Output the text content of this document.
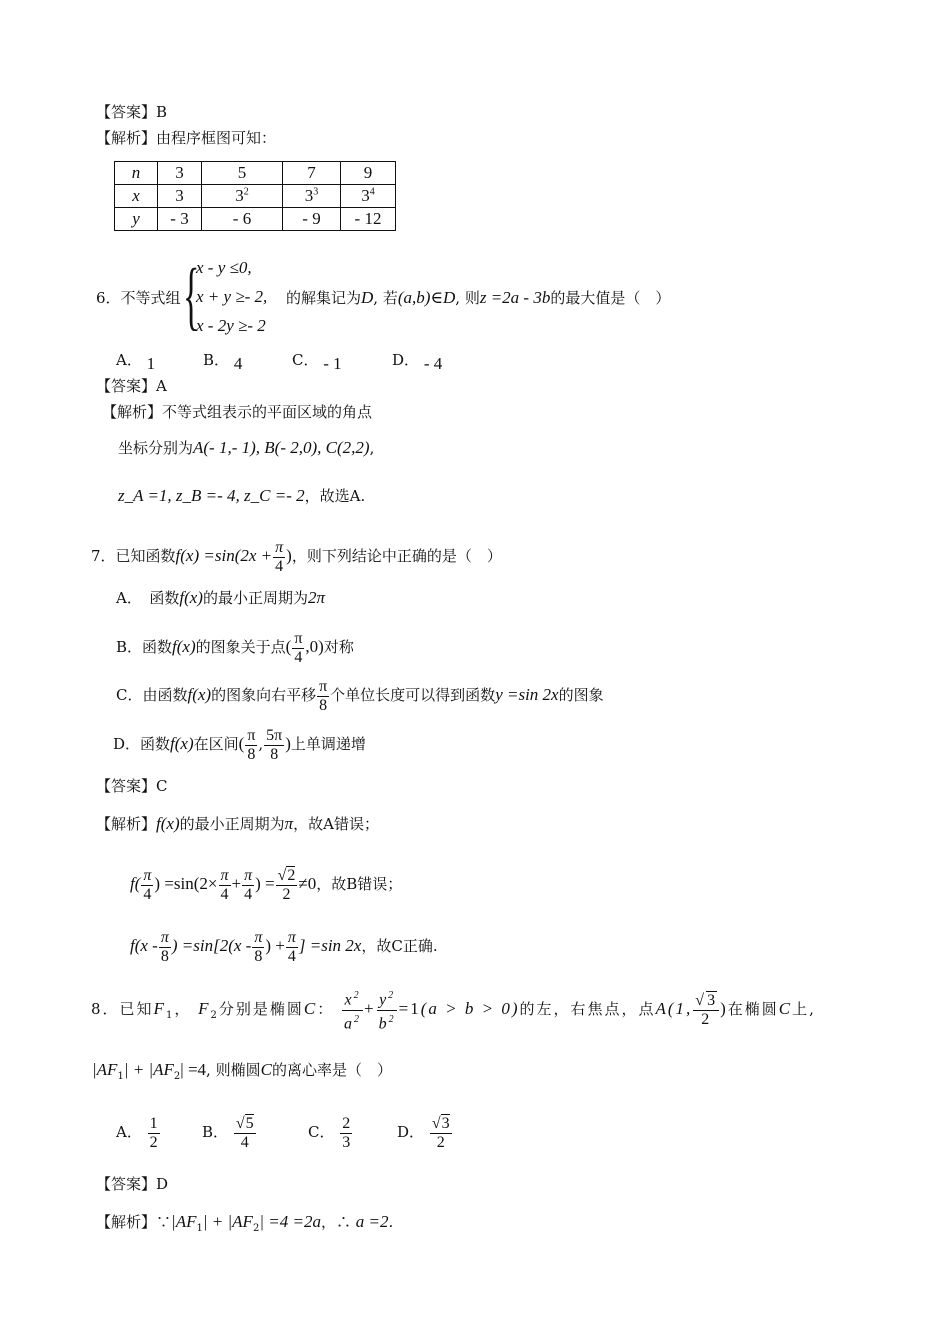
【答案】B
【解析】由程序框图可知：
n	3	5	7	9
x	3	$3^2$	$3^3$	$3^4$
y	- 3	- 6	- 9	- 12
6．不等式组 {
x - y ≤0,
x + y ≥- 2,
x - 2y ≥- 2
的解集记为D, 若(a,b)∈D, 则z =2a - 3b的最大值是（　）
A． 1	B． 4	C． - 1	D． - 4
【答案】A
【解析】不等式组表示的平面区域的角点
坐标分别为A(- 1,- 1), B(- 2,0), C(2,2),
z_A =1, z_B =- 4, z_C =- 2，故选A.
7．已知函数$f(x) =\sin(2x + \frac{\pi}{4}$ )，则下列结论中正确的是（　）
A．　函数f(x)的最小正周期为2π
B．函数f(x)的图象关于点( $\frac{\pi}{4} ,0$)对称
C．由函数f(x)的图象向右平移 $\frac{\pi}{8}$ 个单位长度可以得到函数y =sin 2x的图象
D．函数f(x)在区间( $\frac{\pi}{8}$ , $\frac{5\pi}{8}$ )上单调递增
【答案】C
【解析】f(x)的最小正周期为π，故A错误；
$f( \frac{\pi}{4}$ ) $=\sin(2\times \frac{\pi}{4} + \frac{\pi}{4}$ ) = $\frac{√2}{2} \ne 0$，故B错误；
$f(x - \frac{\pi}{8}$ ) $=\sin[2(x - \frac{\pi}{8}$ ) + $\frac{\pi}{4}$ ] =sin 2x，故C正确.
8．已知$F_1$， $F_2$分别是椭圆C： $\frac{x^2}{a^2} + \frac{y^2}{b^2} =1(a > b > 0)$的左，右焦点，点A(1, $\frac{√3}{2}$ )在椭圆C上,
$|AF_1| + |AF_2| =4$, 则椭圆C的离心率是（　）
A． $\frac{1}{2}$	B． $\frac{√5}{4}$	C． $\frac{2}{3}$	D． $\frac{√3}{2}$
【答案】D
【解析】$\because|AF_1| + |AF_2| =4 =2a$，∴ a =2.
